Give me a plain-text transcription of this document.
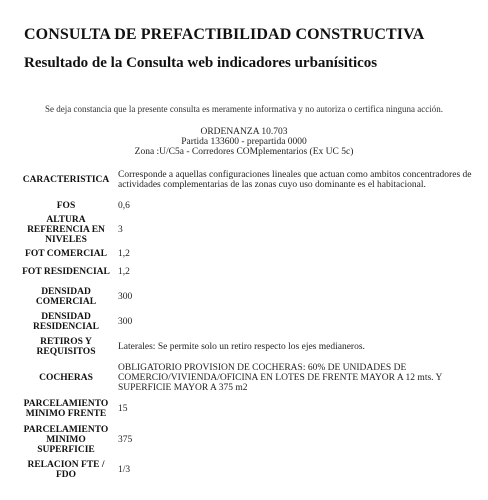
CONSULTA DE PREFACTIBILIDAD CONSTRUCTIVA
Resultado de la Consulta web indicadores urbanísiticos
Se deja constancia que la presente consulta es meramente informativa y no autoriza o certifica ninguna acción.
ORDENANZA 10.703
Partida 133600 - prepartida 0000
Zona :U/C5a - Corredores COMplementarios (Ex UC 5c)
CARACTERISTICA	Corresponde a aquellas configuraciones lineales que actuan como ambitos concentradores de actividades complementarias de las zonas cuyo uso dominante es el habitacional.
FOS	0,6
ALTURA REFERENCIA EN NIVELES	3
FOT COMERCIAL	1,2
FOT RESIDENCIAL	1,2
DENSIDAD COMERCIAL	300
DENSIDAD RESIDENCIAL	300
RETIROS Y REQUISITOS	Laterales: Se permite solo un retiro respecto los ejes medianeros.
COCHERAS	OBLIGATORIO PROVISION DE COCHERAS: 60% DE UNIDADES DE COMERCIO/VIVIENDA/OFICINA EN LOTES DE FRENTE MAYOR A 12 mts. Y SUPERFICIE MAYOR A 375 m2
PARCELAMIENTO MINIMO FRENTE	15
PARCELAMIENTO MINIMO SUPERFICIE	375
RELACION FTE / FDO	1/3
